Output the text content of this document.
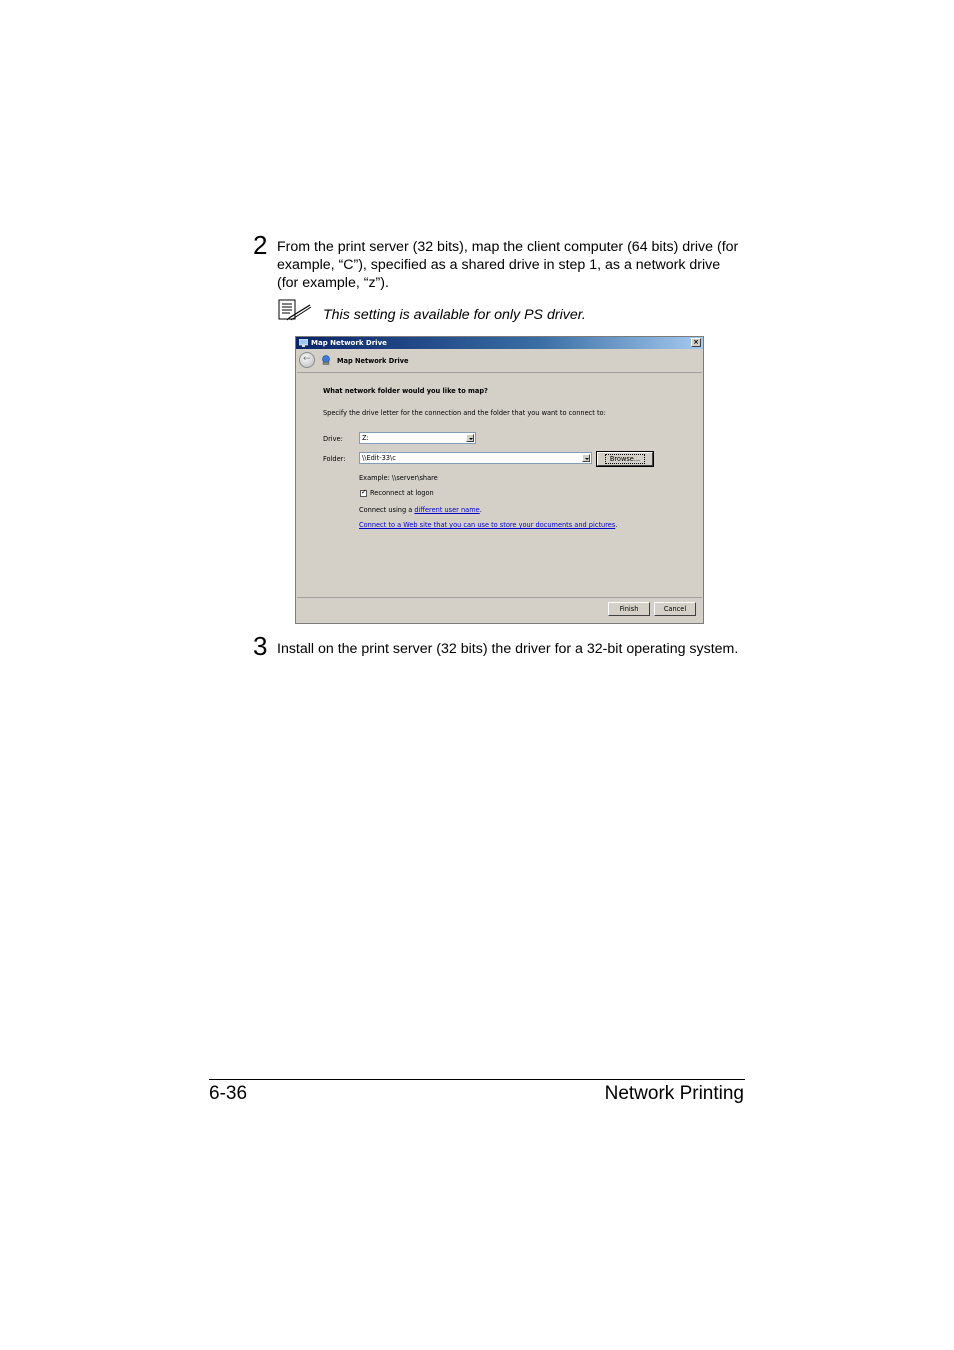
2 From the print server (32 bits), map the client computer (64 bits) drive (for
example, “C”), specified as a shared drive in step 1, as a network drive
(for example, “z”).
This setting is available for only PS driver.
Map Network Drive	×
←	Map Network Drive
What network folder would you like to map?
Specify the drive letter for the connection and the folder that you want to connect to:
Drive:	Z:
Folder:	\\Edit-33\c	Browse...
Example: \\server\share
✓
Reconnect at logon
Connect using a different user name.
Connect to a Web site that you can use to store your documents and pictures.
Finish	Cancel
3 Install on the print server (32 bits) the driver for a 32-bit operating system.
6-36	Network Printing
